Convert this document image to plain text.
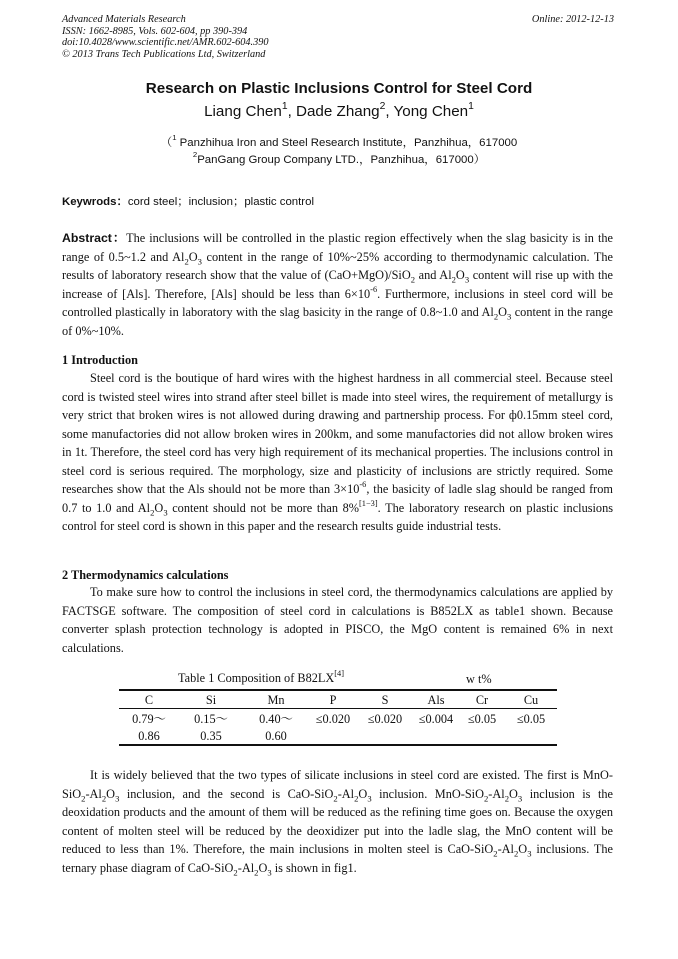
Advanced Materials Research
ISSN: 1662-8985, Vols. 602-604, pp 390-394
doi:10.4028/www.scientific.net/AMR.602-604.390
© 2013 Trans Tech Publications Ltd, Switzerland
Online: 2012-12-13
Research on Plastic Inclusions Control for Steel Cord
Liang Chen$^1$, Dade Zhang$^2$, Yong Chen$^1$
（$^1$ Panzhihua Iron and Steel Research Institute，Panzhihua，617000
$^2$PanGang Group Company LTD.，Panzhihua，617000）
Keywrods：cord steel；inclusion；plastic control

Abstract：The inclusions will be controlled in the plastic region effectively when the slag basicity is in the range of 0.5~1.2 and $Al_2O_3$ content in the range of 10%~25% according to thermodynamic calculation. The results of laboratory research show that the value of (CaO+MgO)/SiO$_2$ and $Al_2O_3$ content will rise up with the increase of [Als]. Therefore, [Als] should be less than $6\times 10^{-6}$. Furthermore, inclusions in steel cord will be controlled plastically in laboratory with the slag basicity in the range of 0.8~1.0 and $Al_2O_3$ content in the range of 0%~10%.

1 Introduction

Steel cord is the boutique of hard wires with the highest hardness in all commercial steel. Because steel cord is twisted steel wires into strand after steel billet is made into steel wires, the requirement of metallurgy is very strict that broken wires is not allowed during drawing and partnership process. For ф0.15mm steel cord, some manufactories did not allow broken wires in 200km, and some manufactories did not allow broken wires in 1t. Therefore, the steel cord has very high requirement of its mechanical properties. The inclusions control in steel cord is serious required. The morphology, size and plasticity of inclusions are strictly required. Some researches show that the Als should not be more than $3\times 10^{-6}$, the basicity of ladle slag should be ranged from 0.7 to 1.0 and $Al_2O_3$ content should not be more than 8%[1−3]. The laboratory research on plastic inclusions control for steel cord is shown in this paper and the research results guide industrial tests.

2 Thermodynamics calculations

To make sure how to control the inclusions in steel cord, the thermodynamics calculations are applied by FACTSGE software. The composition of steel cord in calculations is B852LX as table1 shown. Because converter splash protection technology is adopted in PISCO, the MgO content is remained 6% in next calculations.

Table 1 Composition of B82LX[4]	w t%
C	Si	Mn	P	S	Als	Cr	Cu
0.79～	0.15～	0.40～	≤0.020	≤0.020	≤0.004	≤0.05	≤0.05
0.86	0.35	0.60

It is widely believed that the two types of silicate inclusions in steel cord are existed. The first is MnO-$SiO_2-Al_2O_3$ inclusion, and the second is CaO-$SiO_2-Al_2O_3$ inclusion. MnO-$SiO_2-Al_2O_3$ inclusion is the deoxidation products and the amount of them will be reduced as the refining time goes on. Because the oxygen content of molten steel will be reduced by the deoxidizer put into the ladle slag, the MnO content will be reduced to less than 1%. Therefore, the main inclusions in molten steel is CaO-$SiO_2-Al_2O_3$ inclusions. The ternary phase diagram of CaO-$SiO_2-Al_2O_3$ is shown in fig1.
